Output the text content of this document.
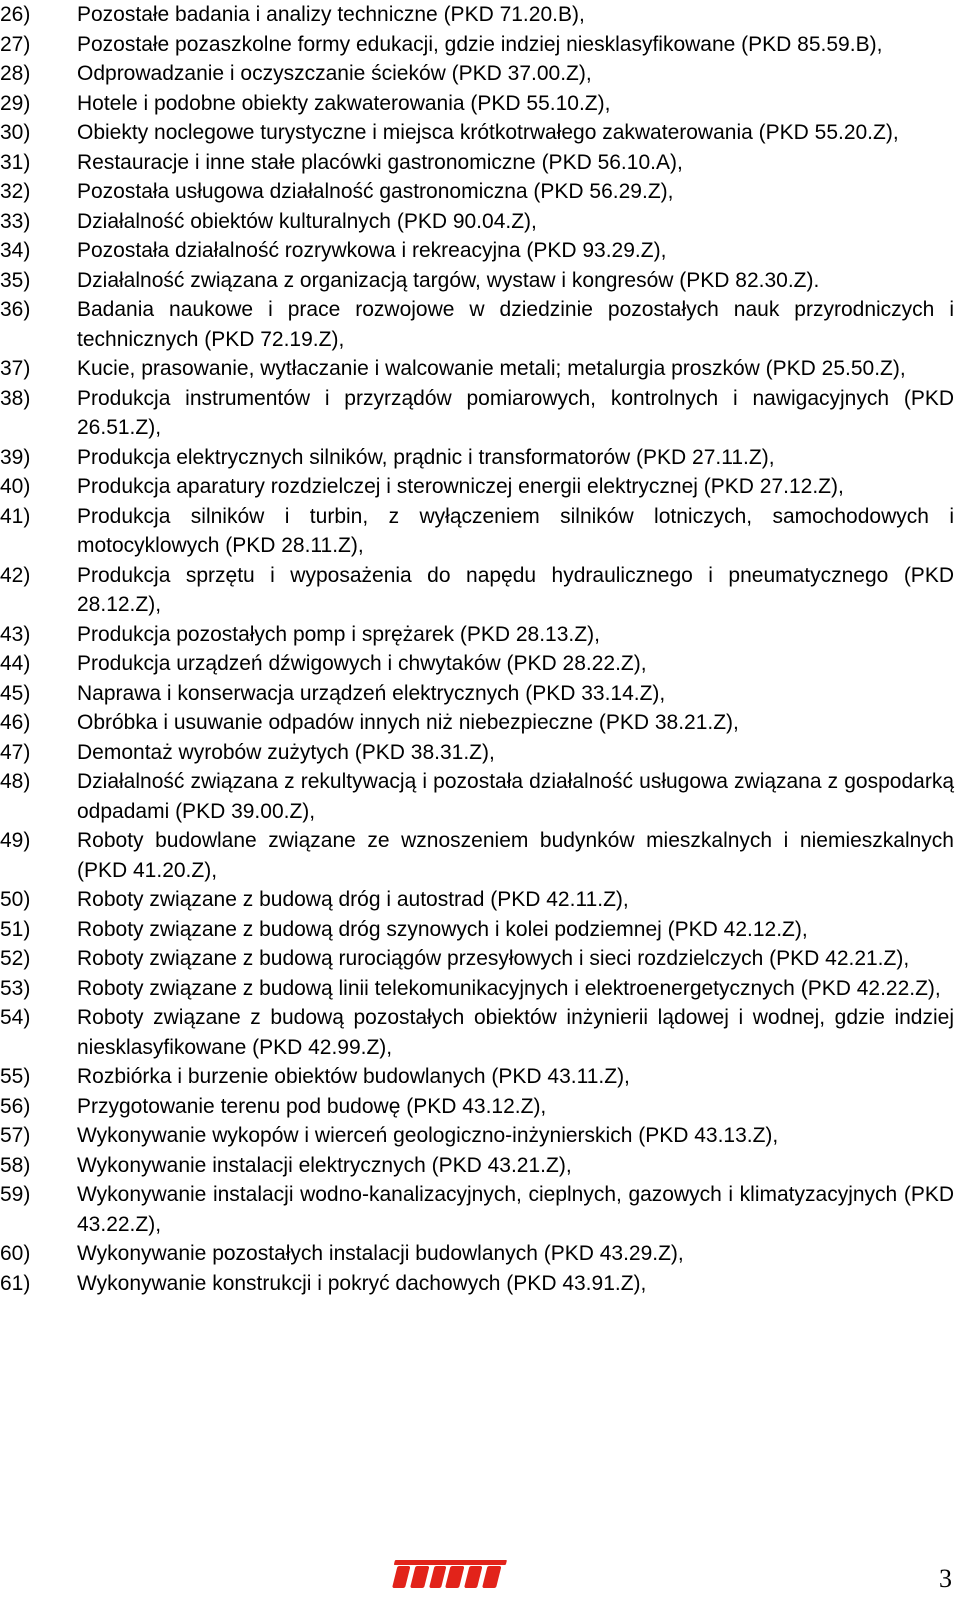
26)	Pozostałe badania i analizy techniczne (PKD 71.20.B),
27)	Pozostałe pozaszkolne formy edukacji, gdzie indziej niesklasyfikowane (PKD 85.59.B),
28)	Odprowadzanie i oczyszczanie ścieków (PKD 37.00.Z),
29)	Hotele i podobne obiekty zakwaterowania (PKD 55.10.Z),
30)	Obiekty noclegowe turystyczne i miejsca krótkotrwałego zakwaterowania (PKD 55.20.Z),
31)	Restauracje i inne stałe placówki gastronomiczne (PKD 56.10.A),
32)	Pozostała usługowa działalność gastronomiczna (PKD 56.29.Z),
33)	Działalność obiektów kulturalnych (PKD 90.04.Z),
34)	Pozostała działalność rozrywkowa i rekreacyjna (PKD 93.29.Z),
35)	Działalność związana z organizacją targów, wystaw i kongresów (PKD 82.30.Z).
36)	Badania naukowe i prace rozwojowe w dziedzinie pozostałych nauk przyrodniczych i technicznych (PKD 72.19.Z),
37)	Kucie, prasowanie, wytłaczanie i walcowanie metali; metalurgia proszków (PKD 25.50.Z),
38)	Produkcja instrumentów i przyrządów pomiarowych, kontrolnych i nawigacyjnych (PKD 26.51.Z),
39)	Produkcja elektrycznych silników, prądnic i transformatorów (PKD 27.11.Z),
40)	Produkcja aparatury rozdzielczej i sterowniczej energii elektrycznej (PKD 27.12.Z),
41)	Produkcja silników i turbin, z wyłączeniem silników lotniczych, samochodowych i motocyklowych (PKD 28.11.Z),
42)	Produkcja sprzętu i wyposażenia do napędu hydraulicznego i pneumatycznego (PKD 28.12.Z),
43)	Produkcja pozostałych pomp i sprężarek (PKD 28.13.Z),
44)	Produkcja urządzeń dźwigowych i chwytaków (PKD 28.22.Z),
45)	Naprawa i konserwacja urządzeń elektrycznych (PKD 33.14.Z),
46)	Obróbka i usuwanie odpadów innych niż niebezpieczne (PKD 38.21.Z),
47)	Demontaż wyrobów zużytych (PKD 38.31.Z),
48)	Działalność związana z rekultywacją i pozostała działalność usługowa związana z gospodarką odpadami (PKD 39.00.Z),
49)	Roboty budowlane związane ze wznoszeniem budynków mieszkalnych i niemieszkalnych (PKD 41.20.Z),
50)	Roboty związane z budową dróg i autostrad (PKD 42.11.Z),
51)	Roboty związane z budową dróg szynowych i kolei podziemnej (PKD 42.12.Z),
52)	Roboty związane z budową rurociągów przesyłowych i sieci rozdzielczych (PKD 42.21.Z),
53)	Roboty związane z budową linii telekomunikacyjnych i elektroenergetycznych (PKD 42.22.Z),
54)	Roboty związane z budową pozostałych obiektów inżynierii lądowej i wodnej, gdzie indziej niesklasyfikowane (PKD 42.99.Z),
55)	Rozbiórka i burzenie obiektów budowlanych (PKD 43.11.Z),
56)	Przygotowanie terenu pod budowę (PKD 43.12.Z),
57)	Wykonywanie wykopów i wierceń geologiczno-inżynierskich (PKD 43.13.Z),
58)	Wykonywanie instalacji elektrycznych (PKD 43.21.Z),
59)	Wykonywanie instalacji wodno-kanalizacyjnych, cieplnych, gazowych i klimatyzacyjnych (PKD 43.22.Z),
60)	Wykonywanie pozostałych instalacji budowlanych (PKD 43.29.Z),
61)	Wykonywanie konstrukcji i pokryć dachowych (PKD 43.91.Z),
3
